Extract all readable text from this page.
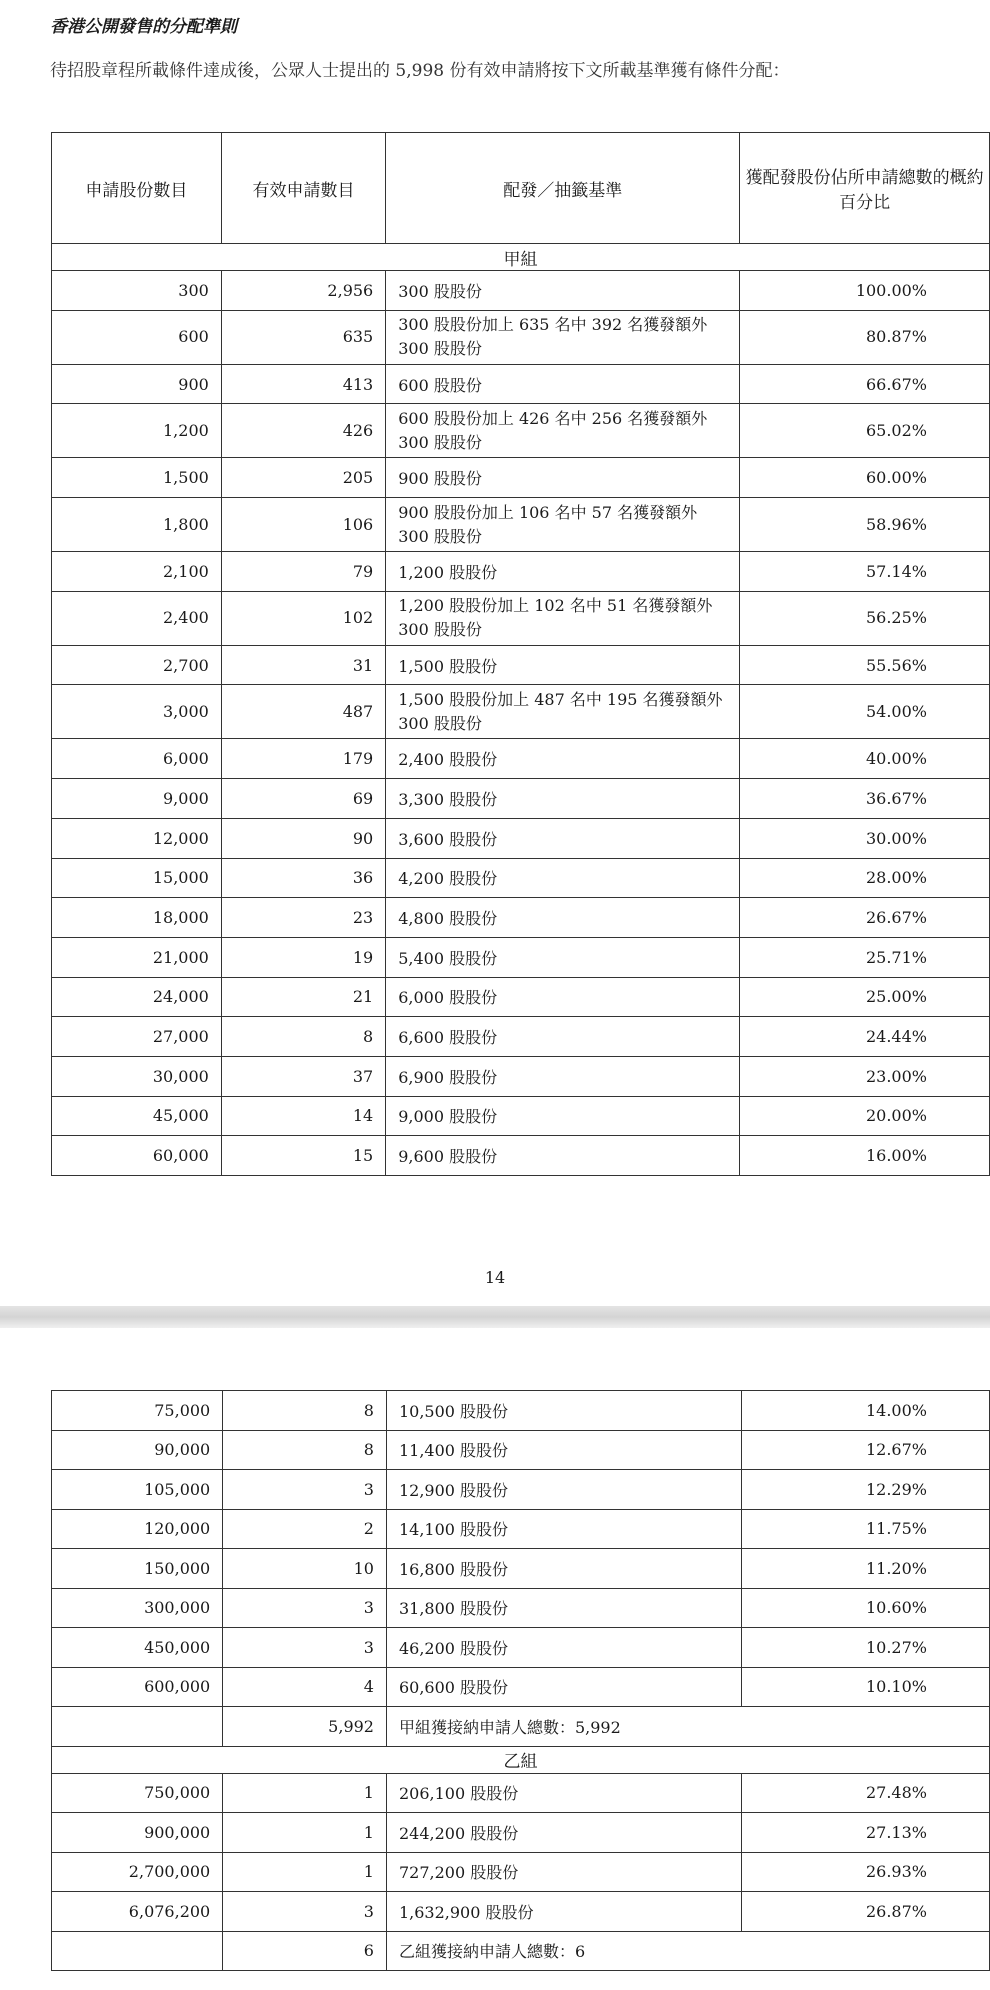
香港公開發售的分配準則
待招股章程所載條件達成後，公眾人士提出的 5,998 份有效申請將按下文所載基準獲有條件分配：
申請股份數目	有效申請數目	配發／抽籤基準	獲配發股份佔所申請總數的概約百分比
甲組			
300	2,956	300 股股份	100.00%
600	635	300 股股份加上 635 名中 392 名獲發額外 300 股股份	80.87%
900	413	600 股股份	66.67%
1,200	426	600 股股份加上 426 名中 256 名獲發額外 300 股股份	65.02%
1,500	205	900 股股份	60.00%
1,800	106	900 股股份加上 106 名中 57 名獲發額外 300 股股份	58.96%
2,100	79	1,200 股股份	57.14%
2,400	102	1,200 股股份加上 102 名中 51 名獲發額外 300 股股份	56.25%
2,700	31	1,500 股股份	55.56%
3,000	487	1,500 股股份加上 487 名中 195 名獲發額外 300 股股份	54.00%
6,000	179	2,400 股股份	40.00%
9,000	69	3,300 股股份	36.67%
12,000	90	3,600 股股份	30.00%
15,000	36	4,200 股股份	28.00%
18,000	23	4,800 股股份	26.67%
21,000	19	5,400 股股份	25.71%
24,000	21	6,000 股股份	25.00%
27,000	8	6,600 股股份	24.44%
30,000	37	6,900 股股份	23.00%
45,000	14	9,000 股股份	20.00%
60,000	15	9,600 股股份	16.00%
14
75,000	8	10,500 股股份	14.00%
90,000	8	11,400 股股份	12.67%
105,000	3	12,900 股股份	12.29%
120,000	2	14,100 股股份	11.75%
150,000	10	16,800 股股份	11.20%
300,000	3	31,800 股股份	10.60%
450,000	3	46,200 股股份	10.27%
600,000	4	60,600 股股份	10.10%
	5,992	甲組獲接納申請人總數：5,992	
乙組			
750,000	1	206,100 股股份	27.48%
900,000	1	244,200 股股份	27.13%
2,700,000	1	727,200 股股份	26.93%
6,076,200	3	1,632,900 股股份	26.87%
	6	乙組獲接納申請人總數：6	
